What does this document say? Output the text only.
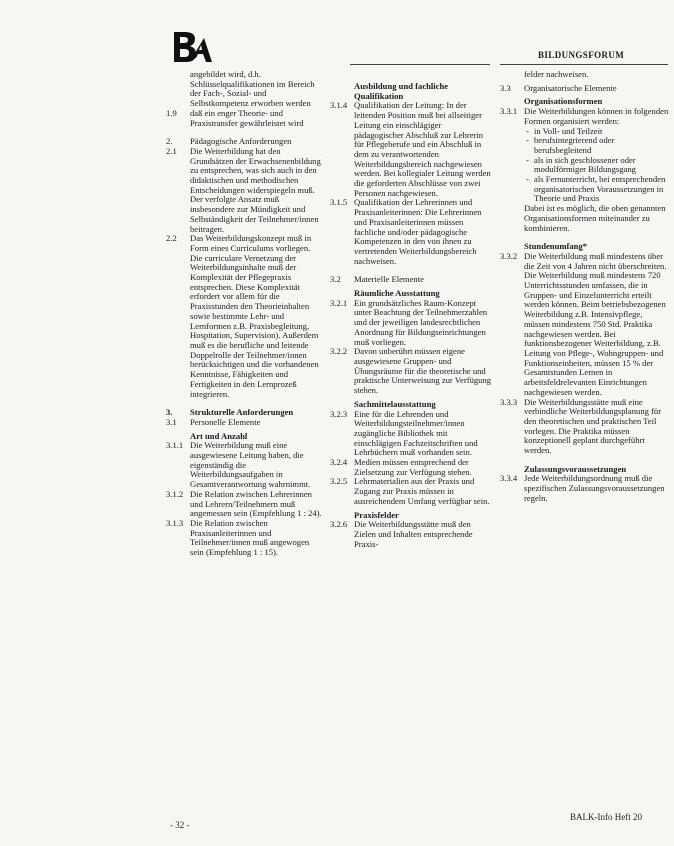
BILDUNGSFORUM
angebildet wird, d.h. Schlüsselqualifikationen im Bereich der Fach-, Sozial- und Selbstkompetenz erworben werden
1.9	daß ein enger Theorie- und Praxistransfer gewährleistet wird
2.	Pädagogische Anforderungen
2.1	Die Weiterbildung hat den Grundsätzen der Erwachsenenbildung zu entsprechen, was sich auch in den didaktischen und methodischen Entscheidungen widerspiegeln muß. Der verfolgte Ansatz muß insbesondere zur Mündigkeit und Selbständigkeit der Teilnehmer/innen beitragen.
2.2	Das Weiterbildungskonzept muß in Form eines Curriculums vorliegen. Die curriculare Vernetzung der Weiterbildungsinhalte muß der Komplexität der Pflegepraxis entsprechen. Diese Komplexität erfordert vor allem für die Praxisstunden den Theorieinhalten sowie bestimmte Lehr- und Lernformen z.B. Praxisbegleitung, Hospitation, Supervision). Außerdem muß es die berufliche und leitende Doppelrolle der Teilnehmer/innen berücksichtigen und die vorhandenen Kenntnisse, Fähigkeiten und Fertigkeiten in den Lernprozeß integrieren.
3.	Strukturelle Anforderungen
3.1	Personelle Elemente
Art und Anzahl
3.1.1 Die Weiterbildung muß eine ausgewiesene Leitung haben, die eigenständig die Weiterbildungsaufgaben in Gesamtverantwortung wahrnimmt.
3.1.2 Die Relation zwischen Lehrerinnen und Lehrern/Teilnehmern muß angemessen sein (Empfehlung 1 : 24).
3.1.3 Die Relation zwischen Praxisanleiterinnen und Teilnehmer/innen muß angewogen sein (Empfehlung 1 : 15).
Ausbildung und fachliche Qualifikation
3.1.4 Qualifikation der Leitung: In der leitenden Position muß bei allseitiger Leitung ein einschlägiger pädagogischer Abschluß zur Lehrerin für Pflegeberufe und ein Abschluß in dem zu verantwortenden Weiterbildungsbereich nachgewiesen werden. Bei kollegialer Leitung werden die geforderten Abschlüsse von zwei Personen nachgewiesen.
3.1.5 Qualifikation der Lehrerinnen und Praxisanleiterinnen: Die Lehrerinnen und Praxisanleiterinnen müssen fachliche und/oder pädagogische Kompetenzen in den von ihnen zu vertretenden Weiterbildungsbereich nachweisen.
3.2	Materielle Elemente
Räumliche Ausstattung
3.2.1 Ein grundsätzliches Raum-Konzept unter Beachtung der Teilnehmerzahlen und der jeweiligen landesrechtlichen Anordnung für Bildungseinrichtungen muß vorliegen.
3.2.2 Davon unberührt müssen eigene ausgewiesene Gruppen- und Übungsräume für die theoretische und praktische Unterweisung zur Verfügung stehen.
Sachmittelausstattung
3.2.3 Eine für die Lehrenden und Weiterbildungsteilnehmer/innen zugängliche Bibliothek mit einschlägigen Fachzeitschriften und Lehrbüchern muß vorhanden sein.
3.2.4 Medien müssen entsprechend der Zielsetzung zur Verfügung stehen.
3.2.5 Lehrmaterialien aus der Praxis und Zugang zur Praxis müssen in ausreichendem Umfang verfügbar sein.
Praxisfelder
3.2.6 Die Weiterbildungsstätte muß den Zielen und Inhalten entsprechende Praxis-
felder nachweisen.
3.3	Organisatorische Elemente
Organisationsformen
3.3.1 Die Weiterbildungen können in folgenden Formen organisiert werden:
- in Voll- und Teilzeit
- berufsintegrierend oder berufsbegleitend
- als in sich geschlossener oder modulförmiger Bildungsgang
- als Fernunterricht, bei entsprechenden organisatorischen Voraussetzungen in Theorie und Praxis
Dabei ist es möglich, die oben genannten Organisationsformen miteinander zu kombinieren.
Stundenumfang*
3.3.2 Die Weiterbildung muß mindestens über die Zeit von 4 Jahren nicht überschreiten. Die Weiterbildung muß mindestens 720 Unterrichtsstunden umfassen, die in Gruppen- und Einzelunterricht erteilt werden können. Beim betriebsbezogenen Weiterbildung z.B. Intensivpflege, müssen mindestens 750 Std. Praktika nachgewiesen werden. Bei funktionsbezogener Weiterbildung, z.B. Leitung von Pflege-, Wohngruppen- und Funktionseinheiten, müssen 15 % der Gesamtstunden Lernen in arbeitsfeldrelevanten Einrichtungen nachgewiesen werden.
3.3.3 Die Weiterbildungsstätte muß eine verbindliche Weiterbildungsplanung für den theoretischen und praktischen Teil vorlegen. Die Praktika müssen konzeptionell geplant durchgeführt werden.
Zulassungsvoraussetzungen
3.3.4 Jede Weiterbildungsordnung muß die spezifischen Zulassungsvoraussetzungen regeln.
- 32 -
BALK-Info Heft 20
